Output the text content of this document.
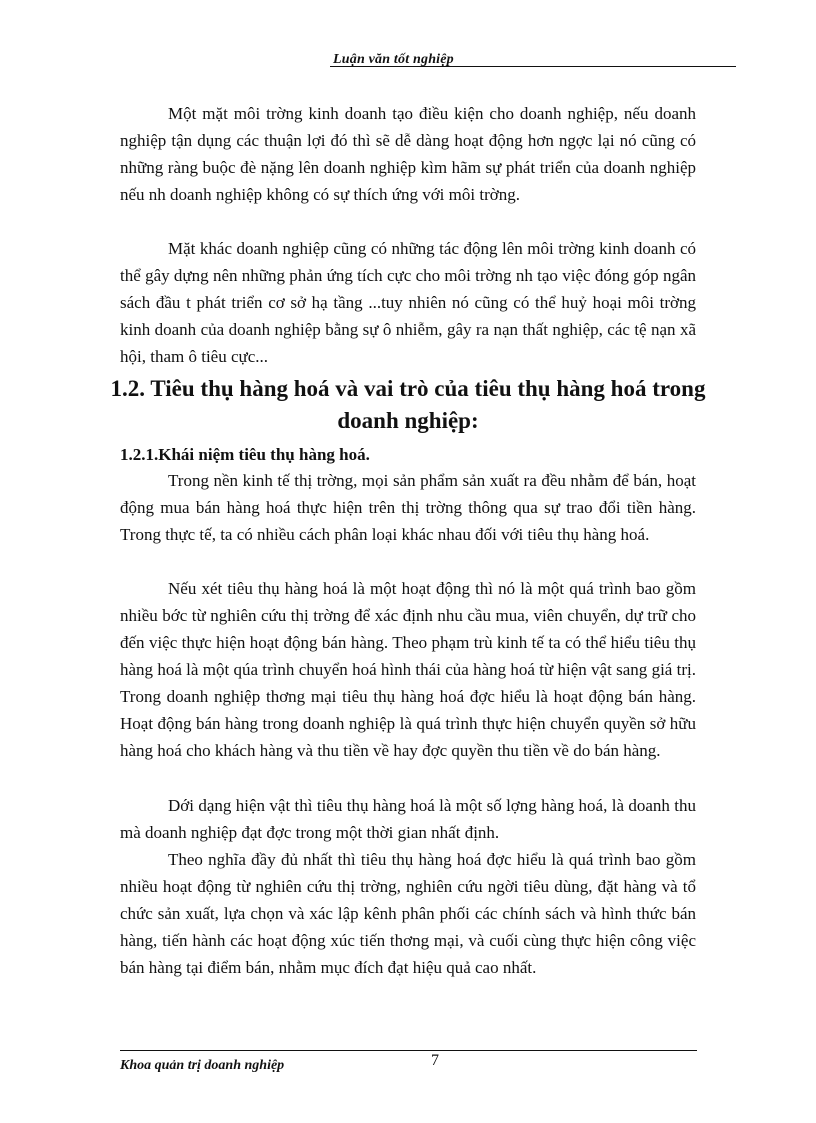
Luận văn tốt nghiệp

Một mặt môi trờng kinh doanh tạo điều kiện cho doanh nghiệp, nếu doanh nghiệp tận dụng các thuận lợi đó thì sẽ dễ dàng hoạt động hơn ngợc lại nó cũng có những ràng buộc đè nặng lên doanh nghiệp kìm hãm sự phát triển của doanh nghiệp nếu nh doanh nghiệp không có sự thích ứng với môi trờng.

Mặt khác doanh nghiệp cũng có những tác động lên môi trờng kinh doanh có thể gây dựng nên những phản ứng tích cực cho môi trờng nh tạo việc đóng góp ngân sách đầu t phát triển cơ sở hạ tầng ...tuy nhiên nó cũng có thể huỷ hoại môi trờng kinh doanh của doanh nghiệp bằng sự ô nhiễm, gây ra nạn thất nghiệp, các tệ nạn xã hội, tham ô tiêu cực...

1.2. Tiêu thụ hàng hoá và vai trò của tiêu thụ hàng hoá trong doanh nghiệp:
1.2.1.Khái niệm tiêu thụ hàng hoá.

Trong nền kinh tế thị trờng, mọi sản phẩm sản xuất ra đều nhằm để bán, hoạt động mua bán hàng hoá thực hiện trên thị trờng thông qua sự trao đổi tiền hàng. Trong thực tế, ta có nhiều cách phân loại khác nhau đối với tiêu thụ hàng hoá.

Nếu xét tiêu thụ hàng hoá là một hoạt động thì nó là một quá trình bao gồm nhiều bớc từ nghiên cứu thị trờng để xác định nhu cầu mua, viên chuyển, dự trữ cho đến việc thực hiện hoạt động bán hàng. Theo phạm trù kinh tế ta có thể hiểu tiêu thụ hàng hoá là một qúa trình chuyển hoá hình thái của hàng hoá từ hiện vật sang giá trị. Trong doanh nghiệp thơng mại tiêu thụ hàng hoá đợc hiểu là hoạt động bán hàng. Hoạt động bán hàng trong doanh nghiệp là quá trình thực hiện chuyển quyền sở hữu hàng hoá cho khách hàng và thu tiền về hay đợc quyền thu tiền về do bán hàng.

Dới dạng hiện vật thì tiêu thụ hàng hoá là một số lợng hàng hoá, là doanh thu mà doanh nghiệp đạt đợc trong một thời gian nhất định.

Theo nghĩa đầy đủ nhất thì tiêu thụ hàng hoá đợc hiểu là quá trình bao gồm nhiều hoạt động từ nghiên cứu thị trờng, nghiên cứu ngời tiêu dùng, đặt hàng và tổ chức sản xuất, lựa chọn và xác lập kênh phân phối các chính sách và hình thức bán hàng, tiến hành các hoạt động xúc tiến thơng mại, và cuối cùng thực hiện công việc bán hàng tại điểm bán, nhằm mục đích đạt hiệu quả cao nhất.

Khoa quản trị doanh nghiệp	7
